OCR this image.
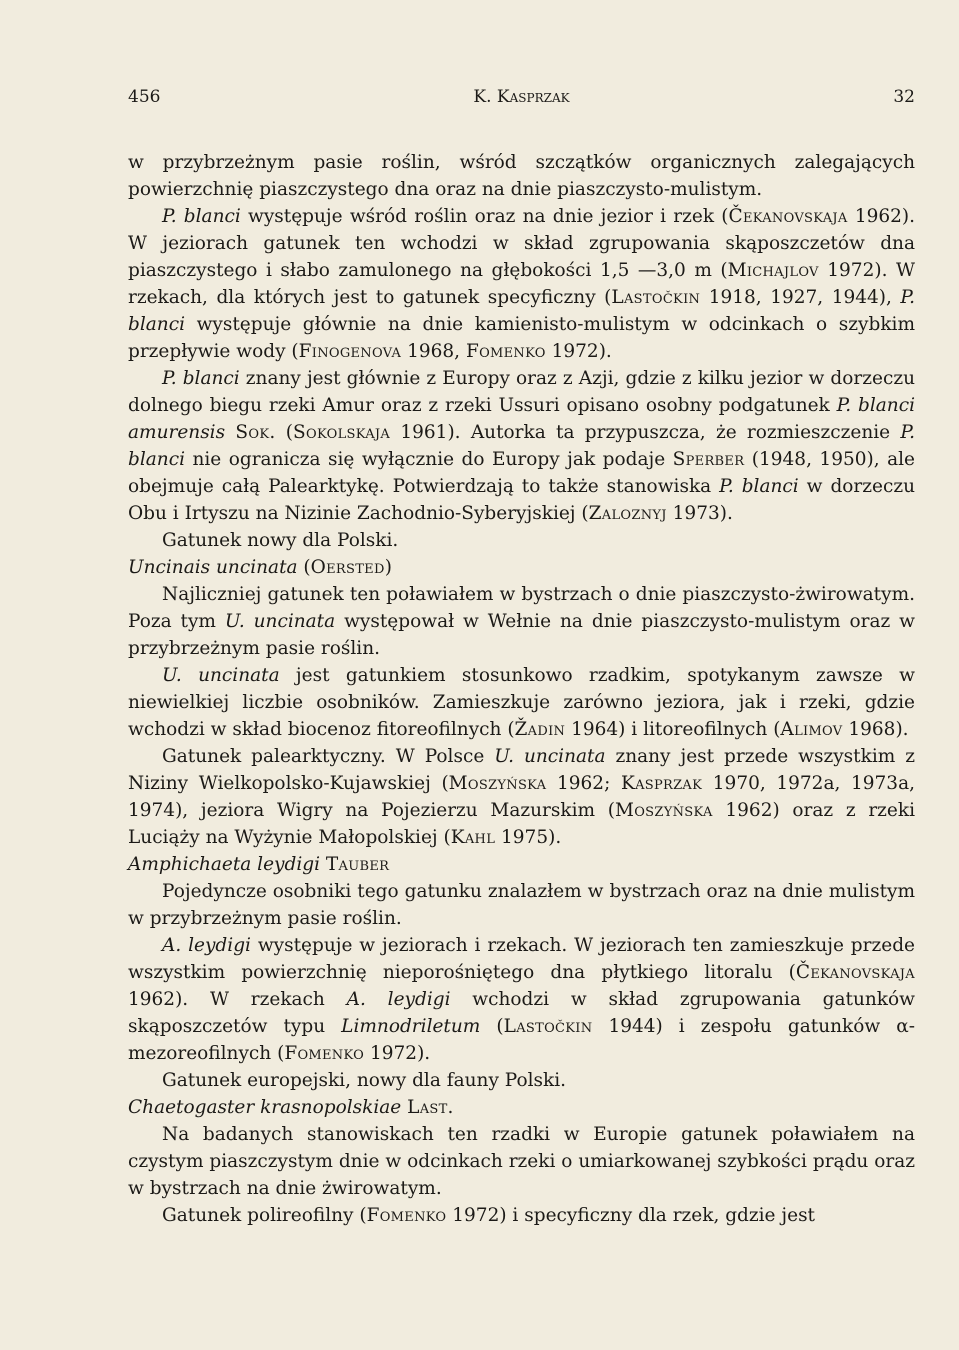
456	K. Kasprzak	32

w przybrzeżnym pasie roślin, wśród szczątków organicznych zalegających powierzchnię piaszczystego dna oraz na dnie piaszczysto-mulistym.

P. blanci występuje wśród roślin oraz na dnie jezior i rzek (Čekanovskaja 1962). W jeziorach gatunek ten wchodzi w skład zgrupowania skąposzczetów dna piaszczystego i słabo zamulonego na głębokości 1,5 —3,0 m (Michajlov 1972). W rzekach, dla których jest to gatunek specyficzny (Lastočkin 1918, 1927, 1944), P. blanci występuje głównie na dnie kamienisto-mulistym w odcinkach o szybkim przepływie wody (Finogenova 1968, Fomenko 1972).

P. blanci znany jest głównie z Europy oraz z Azji, gdzie z kilku jezior w dorzeczu dolnego biegu rzeki Amur oraz z rzeki Ussuri opisano osobny podgatunek P. blanci amurensis Sok. (Sokolskaja 1961). Autorka ta przypuszcza, że rozmieszczenie P. blanci nie ogranicza się wyłącznie do Europy jak podaje Sperber (1948, 1950), ale obejmuje całą Palearktykę. Potwierdzają to także stanowiska P. blanci w dorzeczu Obu i Irtyszu na Nizinie Zachodnio-Syberyjskiej (Zaloznyj 1973).

Gatunek nowy dla Polski.

Uncinais uncinata (Oersted)

Najliczniej gatunek ten poławiałem w bystrzach o dnie piaszczysto-żwirowatym. Poza tym U. uncinata występował w Wełnie na dnie piaszczysto-mulistym oraz w przybrzeżnym pasie roślin.

U. uncinata jest gatunkiem stosunkowo rzadkim, spotykanym zawsze w niewielkiej liczbie osobników. Zamieszkuje zarówno jeziora, jak i rzeki, gdzie wchodzi w skład biocenoz fitoreofilnych (Žadin 1964) i litoreofilnych (Alimov 1968).

Gatunek palearktyczny. W Polsce U. uncinata znany jest przede wszystkim z Niziny Wielkopolsko-Kujawskiej (Moszyńska 1962; Kasprzak 1970, 1972a, 1973a, 1974), jeziora Wigry na Pojezierzu Mazurskim (Moszyńska 1962) oraz z rzeki Luciąży na Wyżynie Małopolskiej (Kahl 1975).

Amphichaeta leydigi Tauber

Pojedyncze osobniki tego gatunku znalazłem w bystrzach oraz na dnie mulistym w przybrzeżnym pasie roślin.

A. leydigi występuje w jeziorach i rzekach. W jeziorach ten zamieszkuje przede wszystkim powierzchnię nieporośniętego dna płytkiego litoralu (Čekanovskaja 1962). W rzekach A. leydigi wchodzi w skład zgrupowania gatunków skąposzczetów typu Limnodriletum (Lastočkin 1944) i zespołu gatunków α-mezoreofilnych (Fomenko 1972).

Gatunek europejski, nowy dla fauny Polski.

Chaetogaster krasnopolskiae Last.

Na badanych stanowiskach ten rzadki w Europie gatunek poławiałem na czystym piaszczystym dnie w odcinkach rzeki o umiarkowanej szybkości prądu oraz w bystrzach na dnie żwirowatym.

Gatunek polireofilny (Fomenko 1972) i specyficzny dla rzek, gdzie jest
